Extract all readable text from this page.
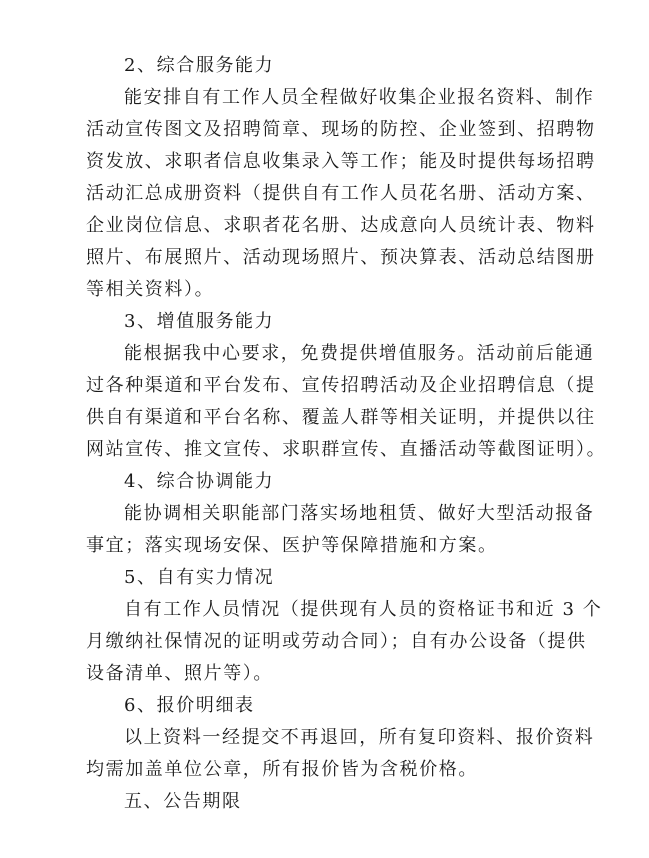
2、综合服务能力

能安排自有工作人员全程做好收集企业报名资料、制作

活动宣传图文及招聘简章、现场的防控、企业签到、招聘物

资发放、求职者信息收集录入等工作；能及时提供每场招聘

活动汇总成册资料（提供自有工作人员花名册、活动方案、

企业岗位信息、求职者花名册、达成意向人员统计表、物料

照片、布展照片、活动现场照片、预决算表、活动总结图册

等相关资料）。

3、增值服务能力

能根据我中心要求，免费提供增值服务。活动前后能通

过各种渠道和平台发布、宣传招聘活动及企业招聘信息（提

供自有渠道和平台名称、覆盖人群等相关证明，并提供以往

网站宣传、推文宣传、求职群宣传、直播活动等截图证明）。

4、综合协调能力

能协调相关职能部门落实场地租赁、做好大型活动报备

事宜；落实现场安保、医护等保障措施和方案。

5、自有实力情况

自有工作人员情况（提供现有人员的资格证书和近 3 个

月缴纳社保情况的证明或劳动合同）；自有办公设备（提供

设备清单、照片等）。

6、报价明细表

以上资料一经提交不再退回，所有复印资料、报价资料

均需加盖单位公章，所有报价皆为含税价格。

五、公告期限
